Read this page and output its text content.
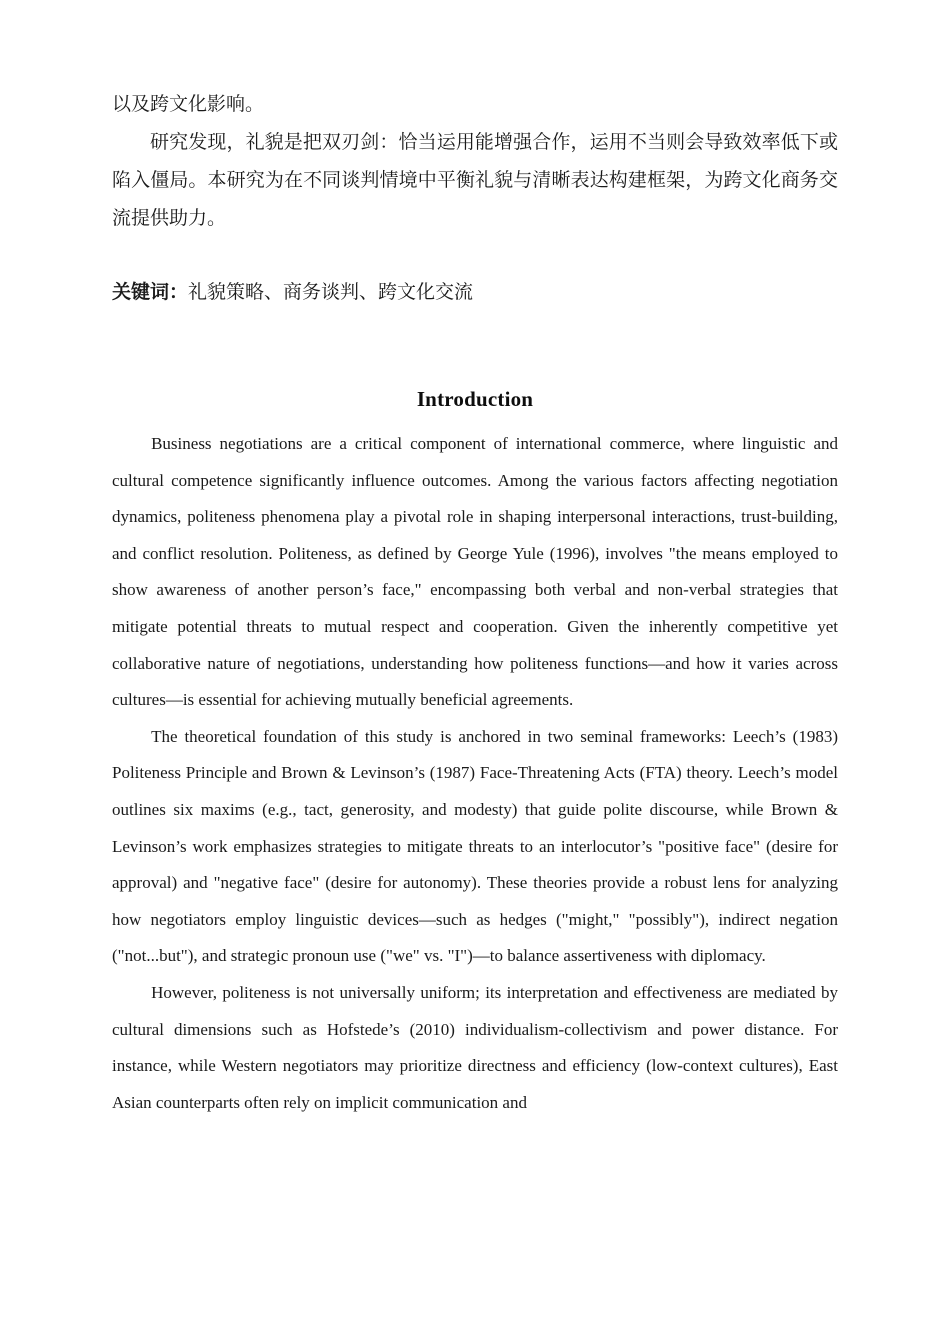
以及跨文化影响。

研究发现，礼貌是把双刃剑：恰当运用能增强合作，运用不当则会导致效率低下或陷入僵局。本研究为在不同谈判情境中平衡礼貌与清晰表达构建框架，为跨文化商务交流提供助力。

关键词：礼貌策略、商务谈判、跨文化交流

Introduction

Business negotiations are a critical component of international commerce, where linguistic and cultural competence significantly influence outcomes. Among the various factors affecting negotiation dynamics, politeness phenomena play a pivotal role in shaping interpersonal interactions, trust-building, and conflict resolution. Politeness, as defined by George Yule (1996), involves "the means employed to show awareness of another person’s face," encompassing both verbal and non-verbal strategies that mitigate potential threats to mutual respect and cooperation. Given the inherently competitive yet collaborative nature of negotiations, understanding how politeness functions—and how it varies across cultures—is essential for achieving mutually beneficial agreements.

The theoretical foundation of this study is anchored in two seminal frameworks: Leech’s (1983) Politeness Principle and Brown & Levinson’s (1987) Face-Threatening Acts (FTA) theory. Leech’s model outlines six maxims (e.g., tact, generosity, and modesty) that guide polite discourse, while Brown & Levinson’s work emphasizes strategies to mitigate threats to an interlocutor’s "positive face" (desire for approval) and "negative face" (desire for autonomy). These theories provide a robust lens for analyzing how negotiators employ linguistic devices—such as hedges ("might," "possibly"), indirect negation ("not...but"), and strategic pronoun use ("we" vs. "I")—to balance assertiveness with diplomacy.

However, politeness is not universally uniform; its interpretation and effectiveness are mediated by cultural dimensions such as Hofstede’s (2010) individualism-collectivism and power distance. For instance, while Western negotiators may prioritize directness and efficiency (low-context cultures), East Asian counterparts often rely on implicit communication and
